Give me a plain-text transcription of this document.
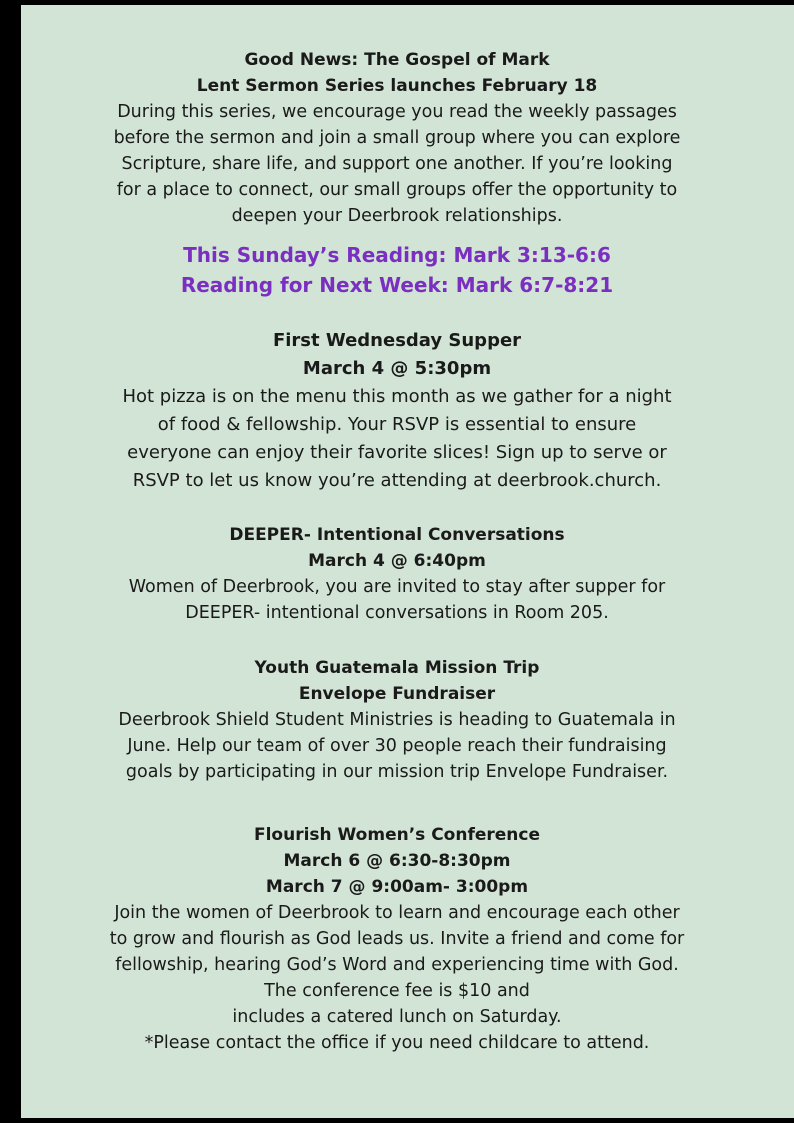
Good News: The Gospel of Mark
Lent Sermon Series launches February 18
During this series, we encourage you read the weekly passages
before the sermon and join a small group where you can explore
Scripture, share life, and support one another. If you’re looking
for a place to connect, our small groups offer the opportunity to
deepen your Deerbrook relationships.
This Sunday’s Reading: Mark 3:13-6:6
Reading for Next Week: Mark 6:7-8:21
First Wednesday Supper
March 4 @ 5:30pm
Hot pizza is on the menu this month as we gather for a night
of food & fellowship. Your RSVP is essential to ensure
everyone can enjoy their favorite slices! Sign up to serve or
RSVP to let us know you’re attending at deerbrook.church.
DEEPER- Intentional Conversations
March 4 @ 6:40pm
Women of Deerbrook, you are invited to stay after supper for
DEEPER- intentional conversations in Room 205.
Youth Guatemala Mission Trip
Envelope Fundraiser
Deerbrook Shield Student Ministries is heading to Guatemala in
June. Help our team of over 30 people reach their fundraising
goals by participating in our mission trip Envelope Fundraiser.
Flourish Women’s Conference
March 6 @ 6:30-8:30pm
March 7 @ 9:00am- 3:00pm
Join the women of Deerbrook to learn and encourage each other
to grow and flourish as God leads us. Invite a friend and come for
fellowship, hearing God’s Word and experiencing time with God.
The conference fee is $10 and
includes a catered lunch on Saturday.
*Please contact the office if you need childcare to attend.
